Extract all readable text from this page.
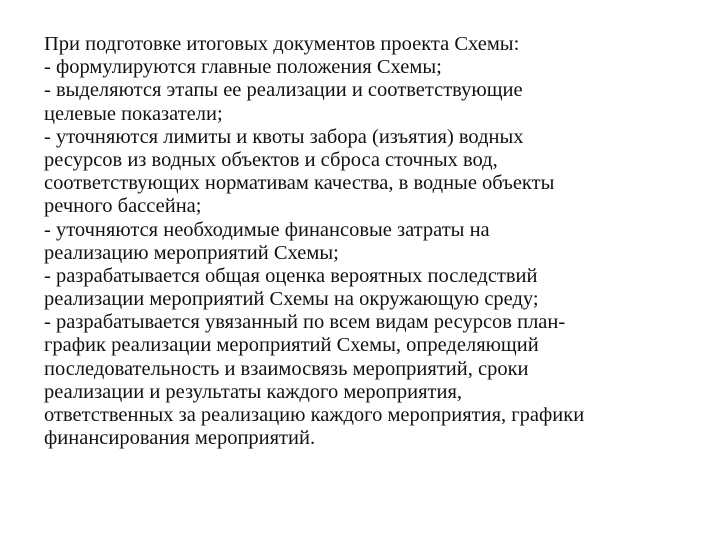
При подготовке итоговых документов проекта Схемы:
- формулируются главные положения Схемы;
- выделяются этапы ее реализации и соответствующие
целевые показатели;
- уточняются лимиты и квоты забора (изъятия) водных
ресурсов из водных объектов и сброса сточных вод,
соответствующих нормативам качества, в водные объекты
речного бассейна;
- уточняются необходимые финансовые затраты на
реализацию мероприятий Схемы;
- разрабатывается общая оценка вероятных последствий
реализации мероприятий Схемы на окружающую среду;
- разрабатывается увязанный по всем видам ресурсов план-
график реализации мероприятий Схемы, определяющий
последовательность и взаимосвязь мероприятий, сроки
реализации и результаты каждого мероприятия,
ответственных за реализацию каждого мероприятия, графики
финансирования мероприятий.
